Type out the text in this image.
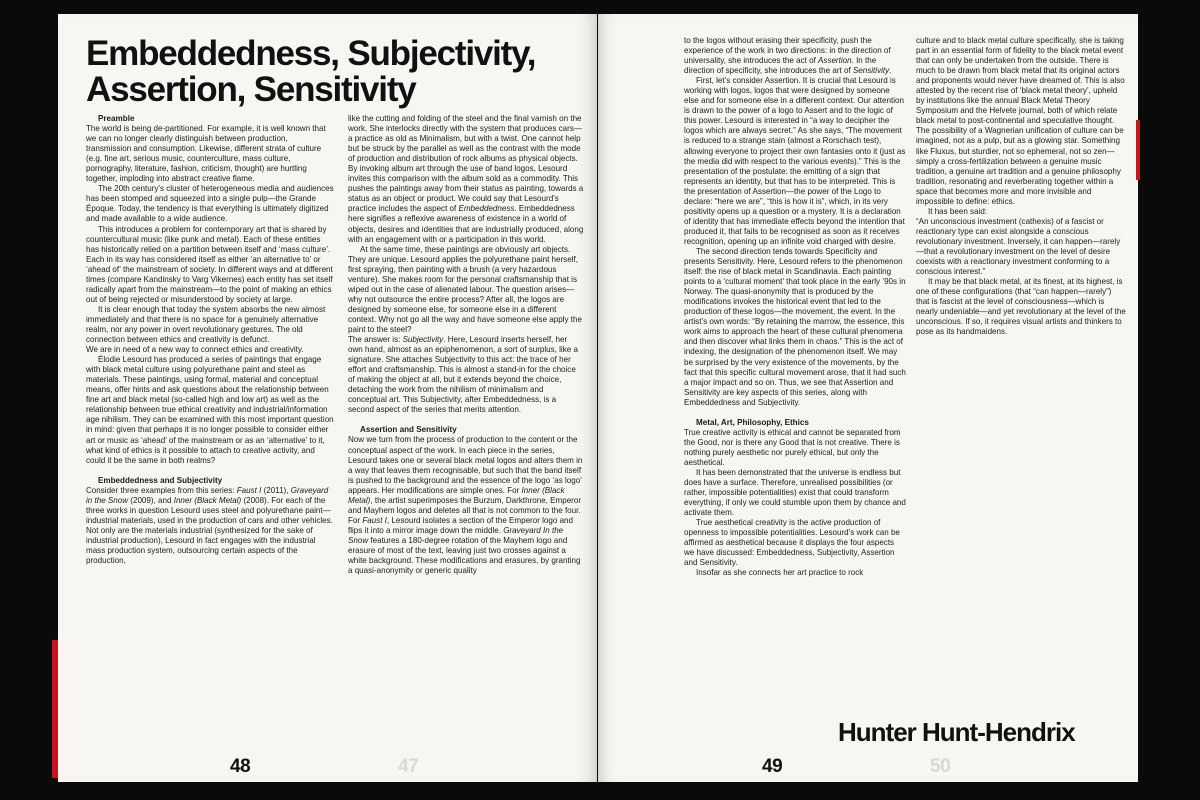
47
Embeddedness, Subjectivity, Assertion, Sensitivity
Preamble

The world is being de-partitioned. For example, it is well known that we can no longer clearly distinguish between production, transmission and consumption. Likewise, different strata of culture (e.g. fine art, serious music, counterculture, mass culture, pornography, literature, fashion, criticism, thought) are hurtling together, imploding into abstract creative flame.

The 20th century’s cluster of heterogeneous media and audiences has been stomped and squeezed into a single pulp—the Grande Époque. Today, the tendency is that everything is ultimately digitized and made available to a wide audience.

This introduces a problem for contemporary art that is shared by countercultural music (like punk and metal). Each of these entities has historically relied on a partition between itself and ‘mass culture’. Each in its way has considered itself as either ‘an alternative to’ or ‘ahead of’ the mainstream of society. In different ways and at different times (compare Kandinsky to Varg Vikernes) each entity has set itself radically apart from the mainstream—to the point of making an ethics out of being rejected or misunderstood by society at large.

It is clear enough that today the system absorbs the new almost immediately and that there is no space for a genuinely alternative realm, nor any power in overt revolutionary gestures. The old connection between ethics and creativity is defunct.

We are in need of a new way to connect ethics and creativity.

Élodie Lesourd has produced a series of paintings that engage with black metal culture using polyurethane paint and steel as materials. These paintings, using formal, material and conceptual means, offer hints and ask questions about the relationship between fine art and black metal (so-called high and low art) as well as the relationship between true ethical creativity and industrial/information age nihilism. They can be examined with this most important question in mind: given that perhaps it is no longer possible to consider either art or music as ‘ahead’ of the mainstream or as an ‘alternative’ to it, what kind of ethics is it possible to attach to creative activity, and could it be the same in both realms?

Embeddedness and Subjectivity

Consider three examples from this series: Faust I (2011), Graveyard in the Snow (2009), and Inner (Black Metal) (2008). For each of the three works in question Lesourd uses steel and polyurethane paint—industrial materials, used in the production of cars and other vehicles. Not only are the materials industrial (synthesized for the sake of industrial production), Lesourd in fact engages with the industrial mass production system, outsourcing certain aspects of the production,

like the cutting and folding of the steel and the final varnish on the work. She interlocks directly with the system that produces cars—a practice as old as Minimalism, but with a twist. One cannot help but be struck by the parallel as well as the contrast with the mode of production and distribution of rock albums as physical objects. By invoking album art through the use of band logos, Lesourd invites this comparison with the album sold as a commodity. This pushes the paintings away from their status as painting, towards a status as an object or product. We could say that Lesourd’s practice includes the aspect of Embeddedness. Embeddedness here signifies a reflexive awareness of existence in a world of objects, desires and identities that are industrially produced, along with an engagement with or a participation in this world.

At the same time, these paintings are obviously art objects. They are unique. Lesourd applies the polyurethane paint herself, first spraying, then painting with a brush (a very hazardous venture). She makes room for the personal craftsmanship that is wiped out in the case of alienated labour. The question arises—why not outsource the entire process? After all, the logos are designed by someone else, for someone else in a different context. Why not go all the way and have someone else apply the paint to the steel?

The answer is: Subjectivity. Here, Lesourd inserts herself, her own hand, almost as an epiphenomenon, a sort of surplus, like a signature. She attaches Subjectivity to this act: the trace of her effort and craftsmanship. This is almost a stand-in for the choice of making the object at all, but it extends beyond the choice, detaching the work from the nihilism of minimalism and conceptual art. This Subjectivity, after Embeddedness, is a second aspect of the series that merits attention.

Assertion and Sensitivity

Now we turn from the process of production to the content or the conceptual aspect of the work. In each piece in the series, Lesourd takes one or several black metal logos and alters them in a way that leaves them recognisable, but such that the band itself is pushed to the background and the essence of the logo ‘as logo’ appears. Her modifications are simple ones. For Inner (Black Metal), the artist superimposes the Burzum, Darkthrone, Emperor and Mayhem logos and deletes all that is not common to the four. For Faust I, Lesourd isolates a section of the Emperor logo and flips it into a mirror image down the middle. Graveyard In the Snow features a 180-degree rotation of the Mayhem logo and erasure of most of the text, leaving just two crosses against a white background. These modifications and erasures, by granting a quasi-anonymity or generic quality

48	50

to the logos without erasing their specificity, push the experience of the work in two directions: in the direction of universality, she introduces the act of Assertion. In the direction of specificity, she introduces the art of Sensitivity.

First, let’s consider Assertion. It is crucial that Lesourd is working with logos, logos that were designed by someone else and for someone else in a different context. Our attention is drawn to the power of a logo to Assert and to the logic of this power. Lesourd is interested in “a way to decipher the logos which are always secret.” As she says, “The movement is reduced to a strange stain (almost a Rorschach test), allowing everyone to project their own fantasies onto it (just as the media did with respect to the various events).” This is the presentation of the postulate: the emitting of a sign that represents an identity, but that has to be interpreted. This is the presentation of Assertion—the power of the Logo to declare: “here we are”, “this is how it is”, which, in its very positivity opens up a question or a mystery. It is a declaration of identity that has immediate effects beyond the intention that produced it, that fails to be recognised as soon as it receives recognition, opening up an infinite void charged with desire.

The second direction tends towards Specificity and presents Sensitivity. Here, Lesourd refers to the phenomenon itself: the rise of black metal in Scandinavia. Each painting points to a ‘cultural moment’ that took place in the early ’90s in Norway. The quasi-anonymity that is produced by the modifications invokes the historical event that led to the production of these logos—the movement, the event. In the artist’s own words: “By retaining the marrow, the essence, this work aims to approach the heart of these cultural phenomena and then discover what links them in chaos.” This is the act of indexing, the designation of the phenomenon itself. We may be surprised by the very existence of the movements, by the fact that this specific cultural movement arose, that it had such a major impact and so on. Thus, we see that Assertion and Sensitivity are key aspects of this series, along with Embeddedness and Subjectivity.

Metal, Art, Philosophy, Ethics

True creative activity is ethical and cannot be separated from the Good, nor is there any Good that is not creative. There is nothing purely aesthetic nor purely ethical, but only the aesthetical.

It has been demonstrated that the universe is endless but does have a surface. Therefore, unrealised possibilities (or rather, impossible potentialities) exist that could transform everything, if only we could stumble upon them by chance and activate them.

True aesthetical creativity is the active production of openness to impossible potentialities. Lesourd’s work can be affirmed as aesthetical because it displays the four aspects we have discussed: Embeddedness, Subjectivity, Assertion and Sensitivity.

Insofar as she connects her art practice to rock

culture and to black metal culture specifically, she is taking part in an essential form of fidelity to the black metal event that can only be undertaken from the outside. There is much to be drawn from black metal that its original actors and proponents would never have dreamed of. This is also attested by the recent rise of ‘black metal theory’, upheld by institutions like the annual Black Metal Theory Symposium and the Helvete journal, both of which relate black metal to post-continental and speculative thought. The possibility of a Wagnerian unification of culture can be imagined, not as a pulp, but as a glowing star. Something like Fluxus, but sturdier, not so ephemeral, not so zen—simply a cross-fertilization between a genuine music tradition, a genuine art tradition and a genuine philosophy tradition, resonating and reverberating together within a space that becomes more and more invisible and impossible to define: ethics.

It has been said:

“An unconscious investment (cathexis) of a fascist or reactionary type can exist alongside a conscious revolutionary investment. Inversely, it can happen—rarely—that a revolutionary investment on the level of desire coexists with a reactionary investment conforming to a conscious interest.”

It may be that black metal, at its finest, at its highest, is one of these configurations (that “can happen—rarely”) that is fascist at the level of consciousness—which is nearly undeniable—and yet revolutionary at the level of the unconscious. If so, it requires visual artists and thinkers to pose as its handmaidens.

Hunter Hunt-Hendrix
49
